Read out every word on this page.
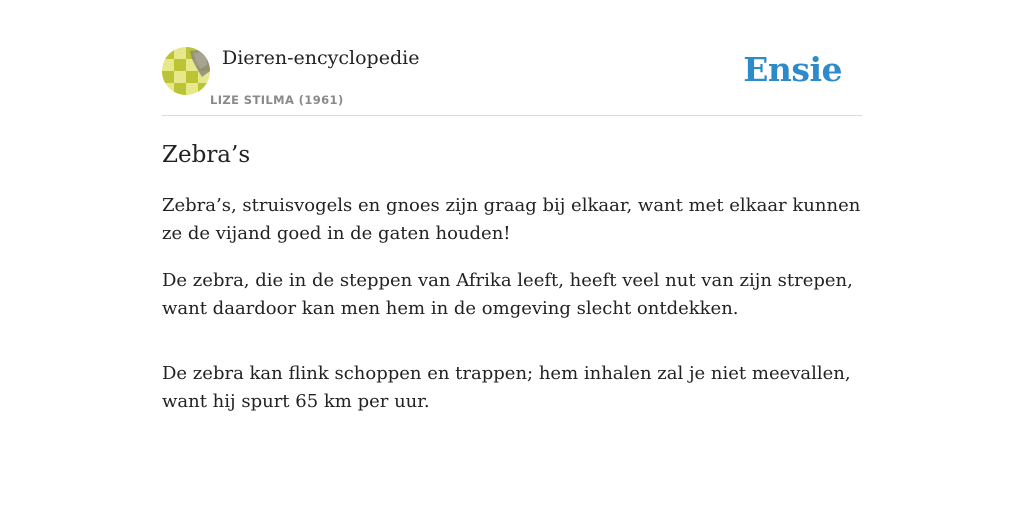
Dieren-encyclopedie
LIZE STILMA (1961)
Ensie
Zebra’s

Zebra’s, struisvogels en gnoes zijn graag bij elkaar, want met elkaar kunnen ze de vijand goed in de gaten houden!

De zebra, die in de steppen van Afrika leeft, heeft veel nut van zijn strepen, want daardoor kan men hem in de omgeving slecht ontdekken.

De zebra kan flink schoppen en trappen; hem inhalen zal je niet meevallen, want hij spurt 65 km per uur.
